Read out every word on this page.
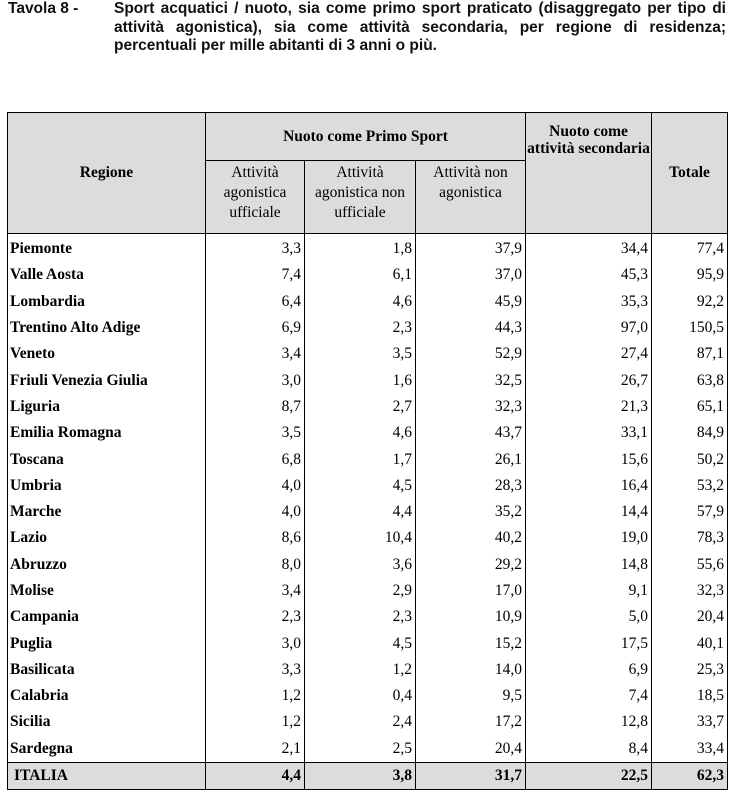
Tavola 8 - Sport acquatici / nuoto, sia come primo sport praticato (disaggregato per tipo di attività agonistica), sia come attività secondaria, per regione di residenza; percentuali per mille abitanti di 3 anni o più.
Regione	Nuoto come Primo Sport			Nuoto come attività secondaria	Totale
	Attività agonistica ufficiale	Attività agonistica non ufficiale	Attività non agonistica		
Piemonte	3,3	1,8	37,9	34,4	77,4
Valle Aosta	7,4	6,1	37,0	45,3	95,9
Lombardia	6,4	4,6	45,9	35,3	92,2
Trentino Alto Adige	6,9	2,3	44,3	97,0	150,5
Veneto	3,4	3,5	52,9	27,4	87,1
Friuli Venezia Giulia	3,0	1,6	32,5	26,7	63,8
Liguria	8,7	2,7	32,3	21,3	65,1
Emilia Romagna	3,5	4,6	43,7	33,1	84,9
Toscana	6,8	1,7	26,1	15,6	50,2
Umbria	4,0	4,5	28,3	16,4	53,2
Marche	4,0	4,4	35,2	14,4	57,9
Lazio	8,6	10,4	40,2	19,0	78,3
Abruzzo	8,0	3,6	29,2	14,8	55,6
Molise	3,4	2,9	17,0	9,1	32,3
Campania	2,3	2,3	10,9	5,0	20,4
Puglia	3,0	4,5	15,2	17,5	40,1
Basilicata	3,3	1,2	14,0	6,9	25,3
Calabria	1,2	0,4	9,5	7,4	18,5
Sicilia	1,2	2,4	17,2	12,8	33,7
Sardegna	2,1	2,5	20,4	8,4	33,4
ITALIA	4,4	3,8	31,7	22,5	62,3
